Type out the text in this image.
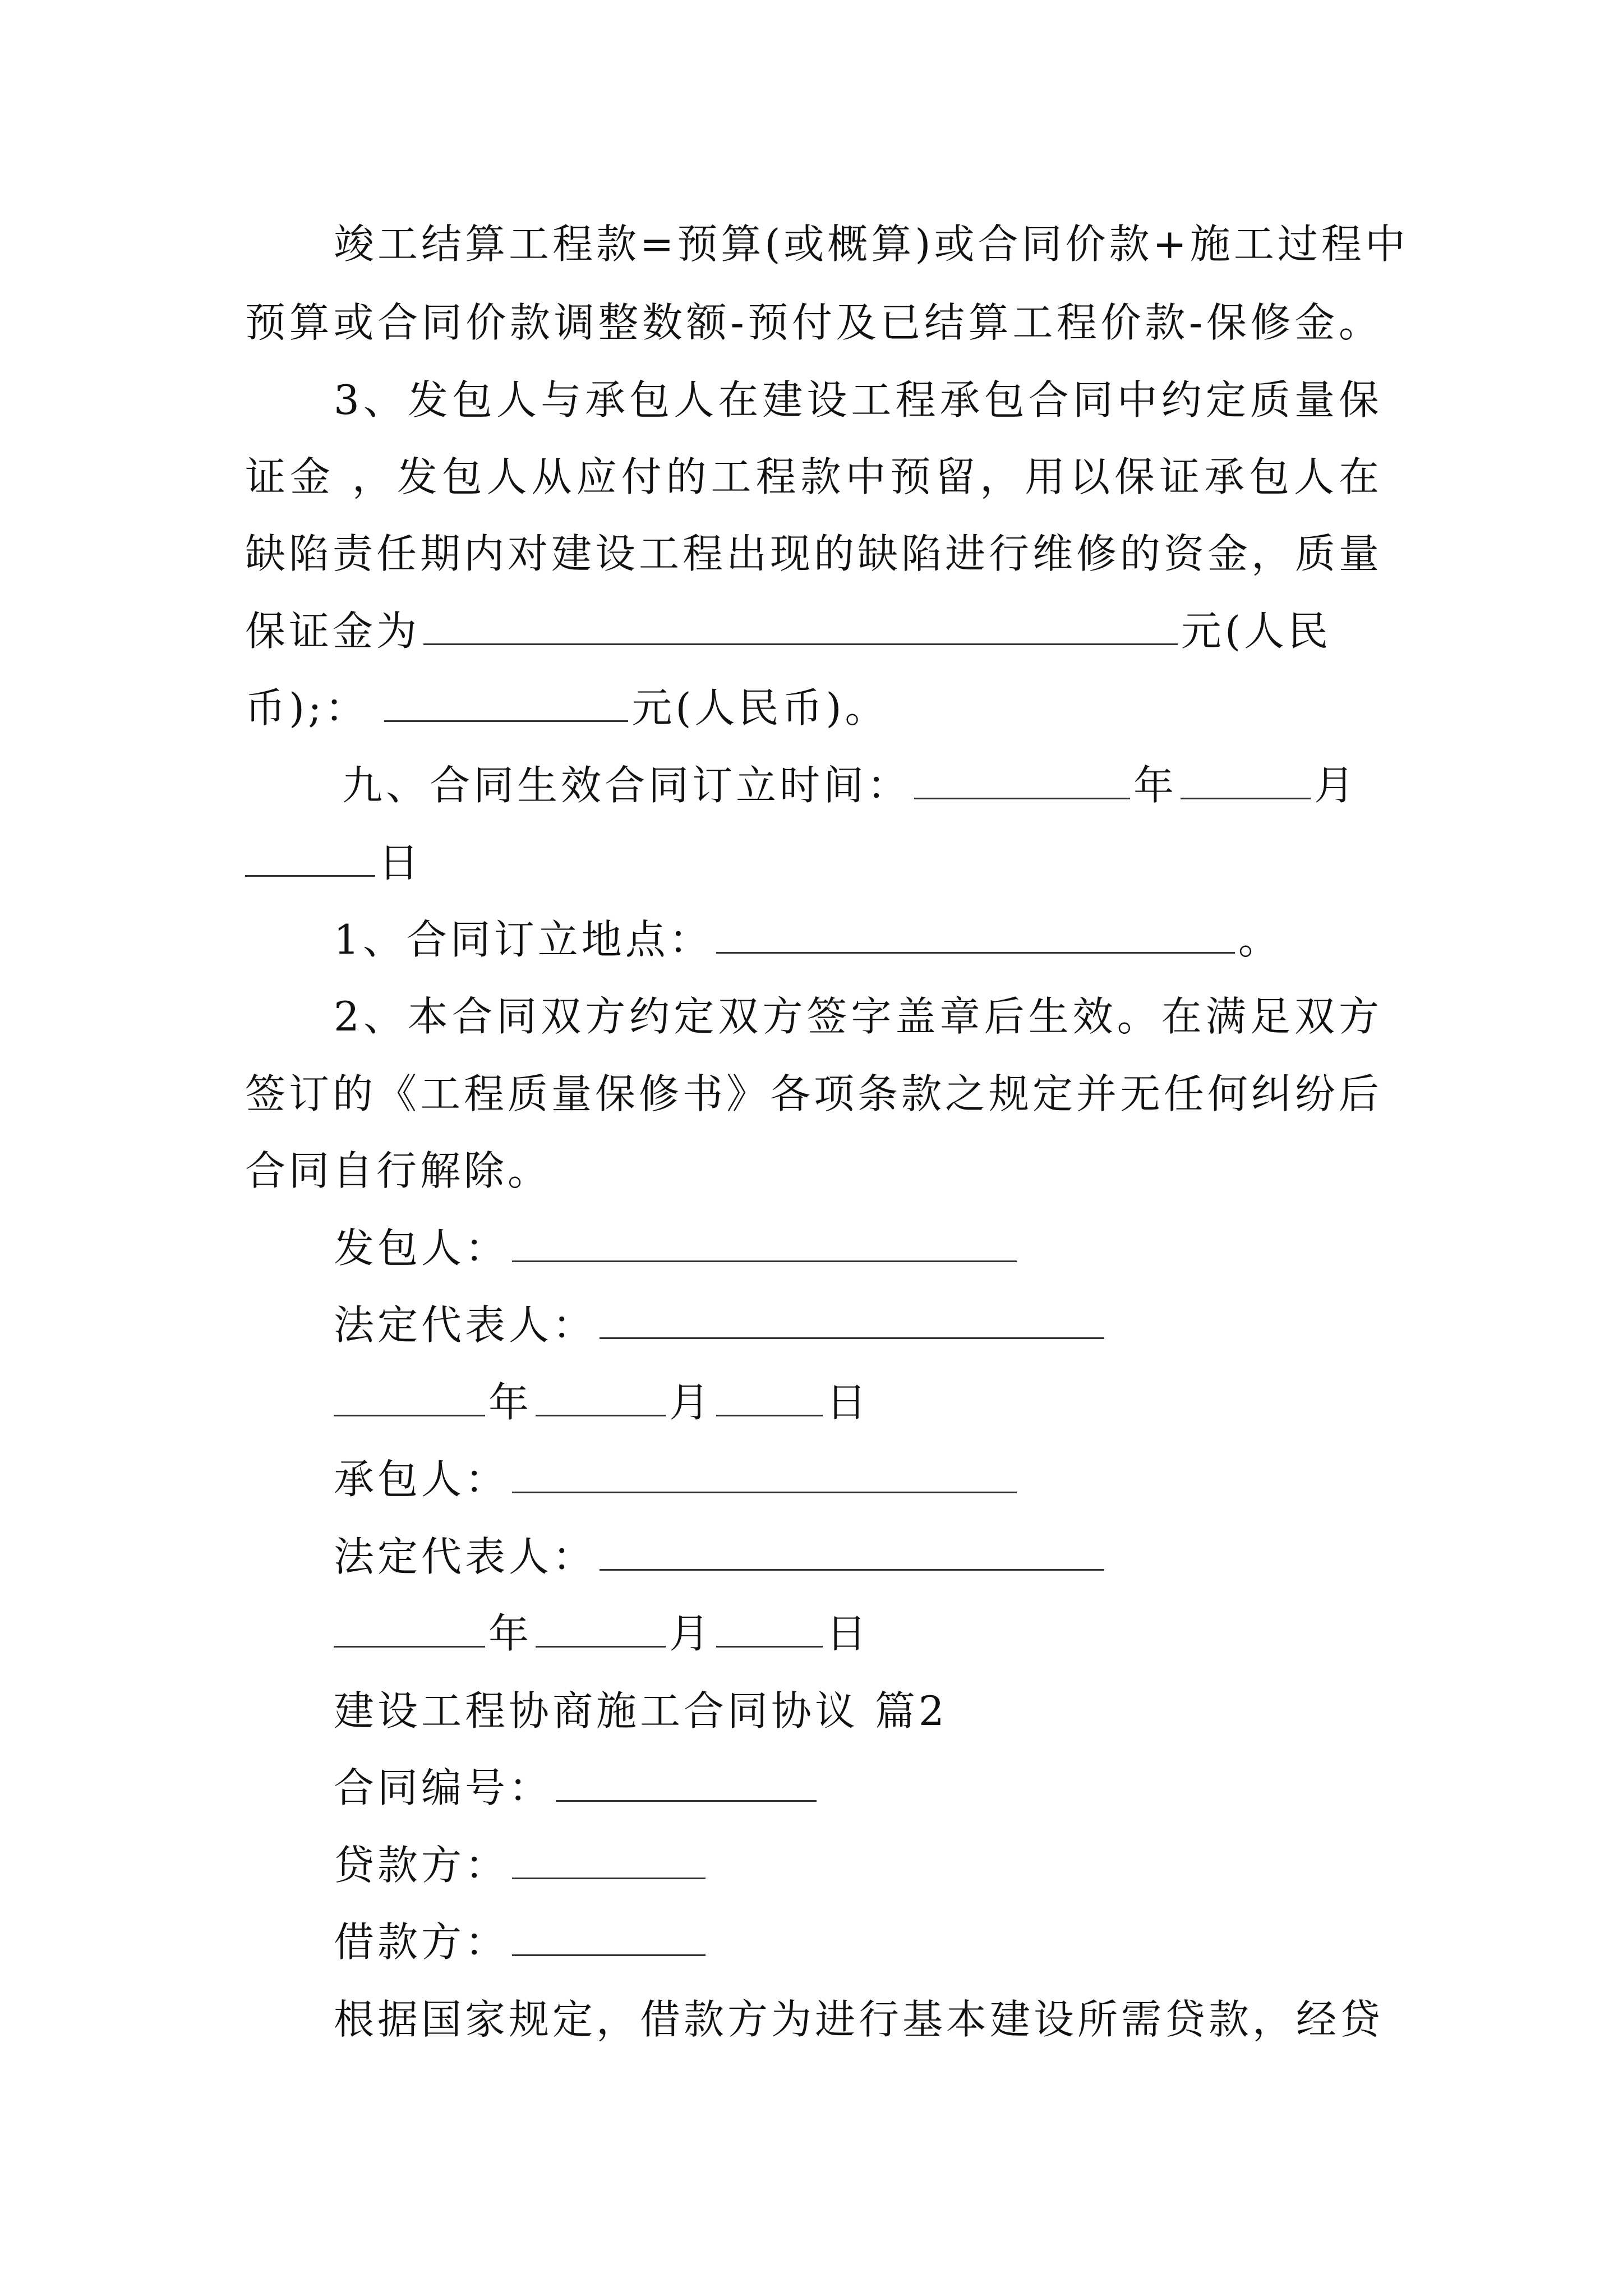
竣工结算工程款=预算(或概算)或合同价款+施工过程中
预算或合同价款调整数额-预付及已结算工程价款-保修金。
3、发包人与承包人在建设工程承包合同中约定质量保
证金 ，发包人从应付的工程款中预留，用以保证承包人在
缺陷责任期内对建设工程出现的缺陷进行维修的资金，质量
保证金为	元(人民
币);：	元(人民币)。
九、合同生效合同订立时间：	年	月
日
1、合同订立地点：	。
2、本合同双方约定双方签字盖章后生效。在满足双方
签订的《工程质量保修书》各项条款之规定并无任何纠纷后
合同自行解除。
发包人：
法定代表人：
年	月	日
承包人：
法定代表人：
年	月	日
建设工程协商施工合同协议 篇2
合同编号：
贷款方：
借款方：
根据国家规定，借款方为进行基本建设所需贷款，经贷
